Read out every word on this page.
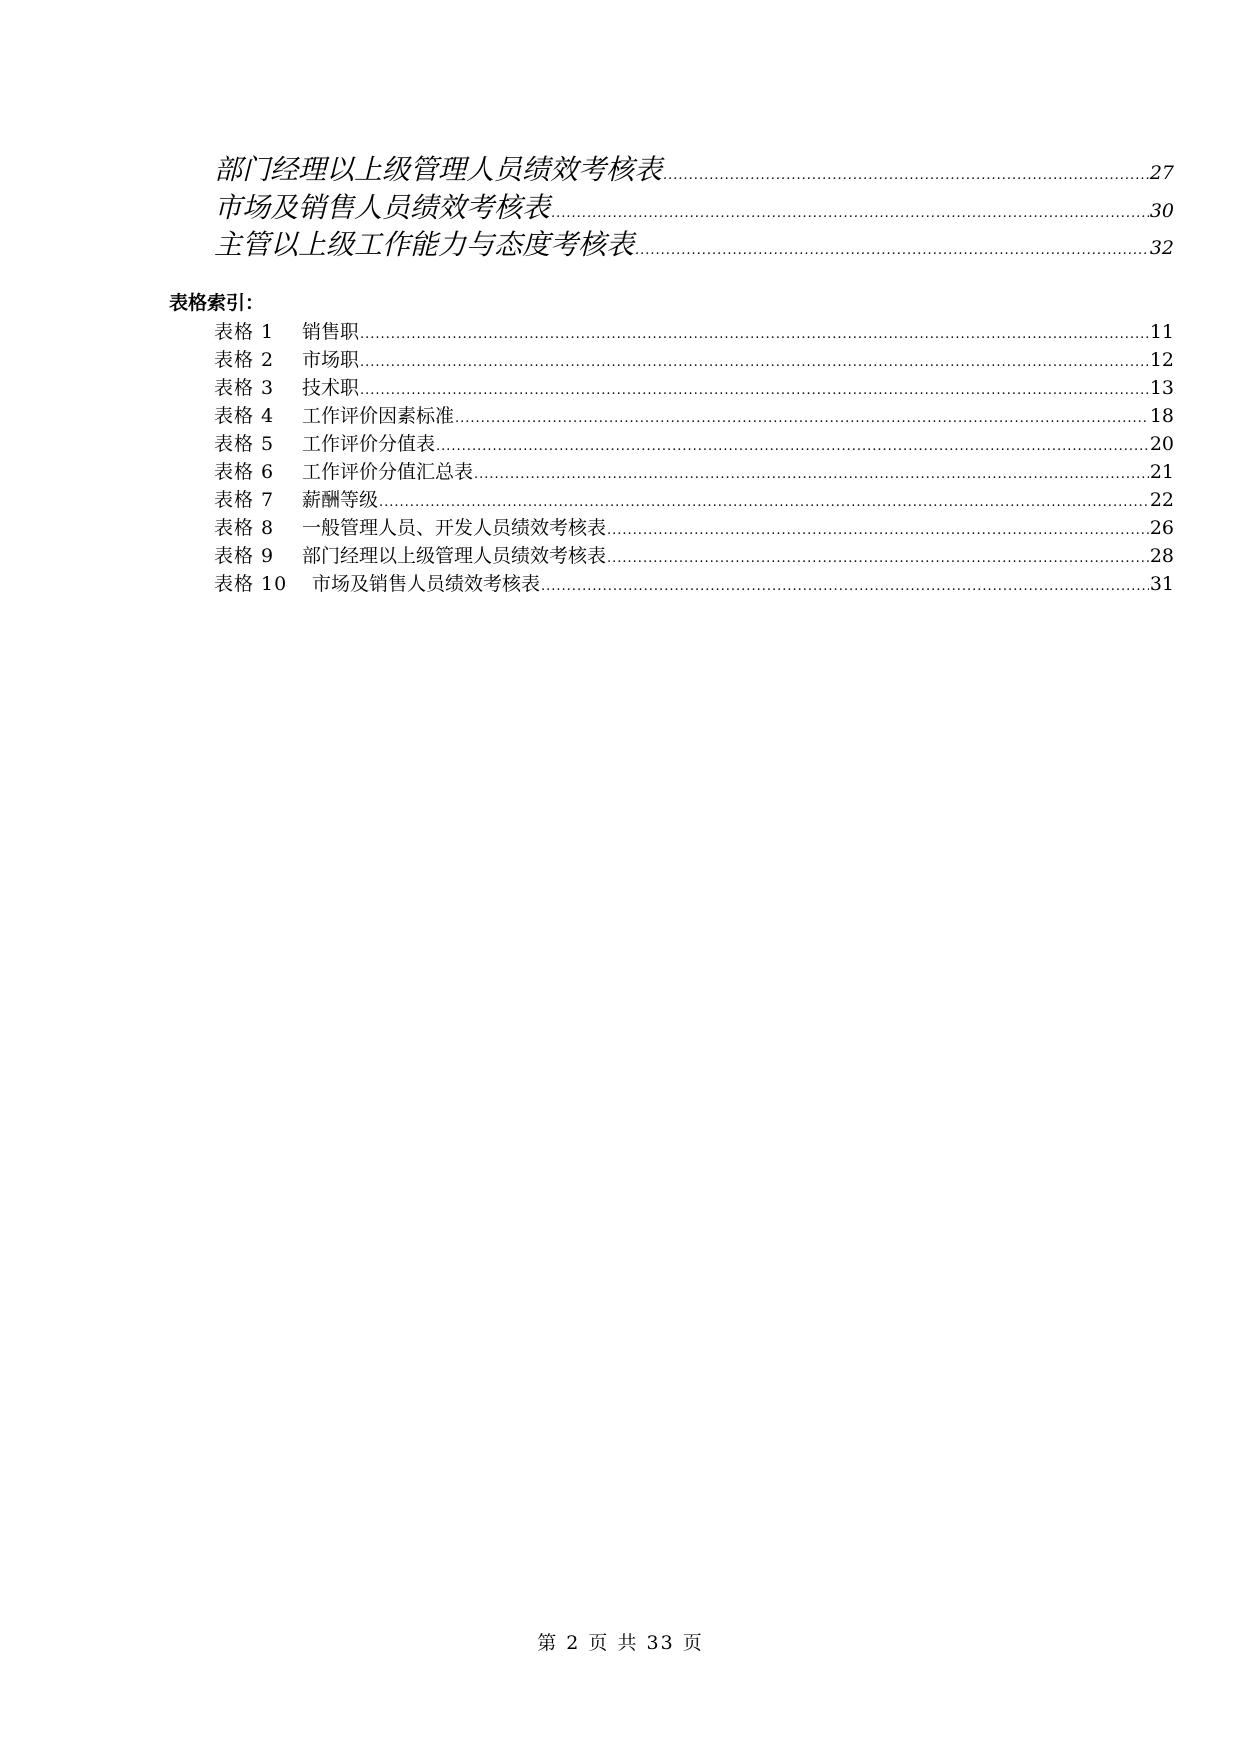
部门经理以上级管理人员绩效考核表 .....	27
市场及销售人员绩效考核表 .....	30
主管以上级工作能力与态度考核表 .....	32
表格索引：
表格 1	销售职 .....	11
表格 2	市场职 .....	12
表格 3	技术职 .....	13
表格 4	工作评价因素标准 .....	18
表格 5	工作评价分值表 .....	20
表格 6	工作评价分值汇总表 .....	21
表格 7	薪酬等级 .....	22
表格 8	一般管理人员、开发人员绩效考核表 .....	26
表格 9	部门经理以上级管理人员绩效考核表 .....	28
表格 10	市场及销售人员绩效考核表 .....	31
第 2 页 共 33 页
